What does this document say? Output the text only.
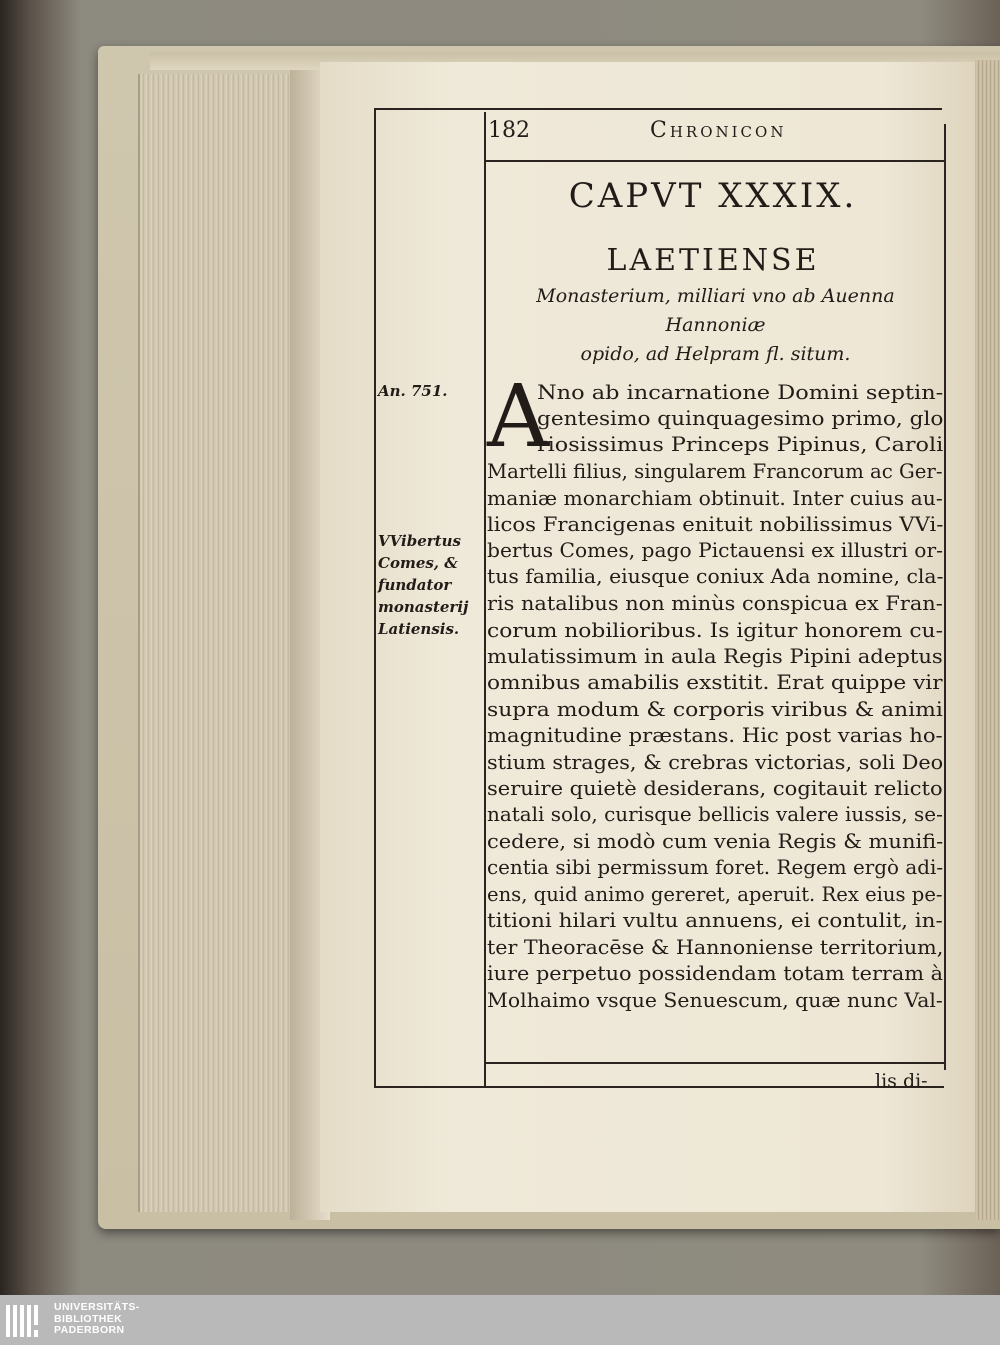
182	Chronicon
CAPVT XXXIX.
LAETIENSE
Monasterium, milliari vno ab Auenna Hannoniæ
opido, ad Helpram fl. situm.
A
Nno ab incarnatione Domini septin-
gentesimo quinquagesimo primo, glo
riosissimus Princeps Pipinus, Caroli
Martelli filius, singularem Francorum ac Ger-
maniæ monarchiam obtinuit. Inter cuius au-
licos Francigenas enituit nobilissimus VVi-
bertus Comes, pago Pictauensi ex illustri or-
tus familia, eiusque coniux Ada nomine, cla-
ris natalibus non minùs conspicua ex Fran-
corum nobilioribus. Is igitur honorem cu-
mulatissimum in aula Regis Pipini adeptus
omnibus amabilis exstitit. Erat quippe vir
supra modum & corporis viribus & animi
magnitudine præstans. Hic post varias ho-
stium strages, & crebras victorias, soli Deo
seruire quietè desiderans, cogitauit relicto
natali solo, curisque bellicis valere iussis, se-
cedere, si modò cum venia Regis & munifi-
centia sibi permissum foret. Regem ergò adi-
ens, quid animo gereret, aperuit. Rex eius pe-
titioni hilari vultu annuens, ei contulit, in-
ter Theoracēse & Hannoniense territorium,
iure perpetuo possidendam totam terram à
Molhaimo vsque Senuescum, quæ nunc Val-
An. 751.
VVibertus
Comes, &
fundator
monasterij
Latiensis.
lis di-
UNIVERSITÄTS-
BIBLIOTHEK
PADERBORN
